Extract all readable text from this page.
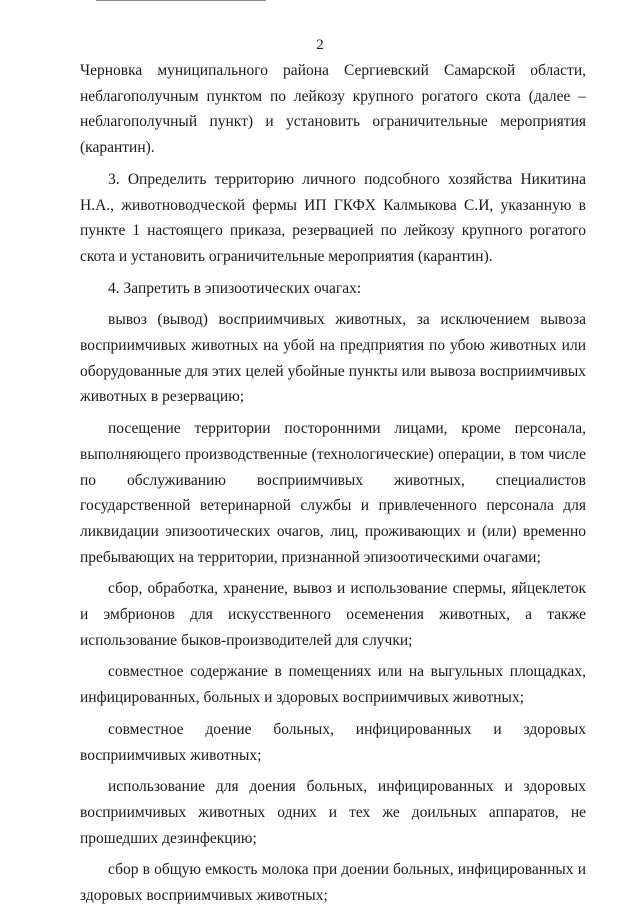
2

Черновка муниципального района Сергиевский Самарской области, неблагополучным пунктом по лейкозу крупного рогатого скота (далее – неблагополучный пункт) и установить ограничительные мероприятия (карантин).

3. Определить территорию личного подсобного хозяйства Никитина Н.А., животноводческой фермы ИП ГКФХ Калмыкова С.И, указанную в пункте 1 настоящего приказа, резервацией по лейкозу крупного рогатого скота и установить ограничительные мероприятия (карантин).

4. Запретить в эпизоотических очагах:

вывоз (вывод) восприимчивых животных, за исключением вывоза восприимчивых животных на убой на предприятия по убою животных или оборудованные для этих целей убойные пункты или вывоза восприимчивых животных в резервацию;

посещение территории посторонними лицами, кроме персонала, выполняющего производственные (технологические) операции, в том числе по обслуживанию восприимчивых животных, специалистов государственной ветеринарной службы и привлеченного персонала для ликвидации эпизоотических очагов, лиц, проживающих и (или) временно пребывающих на территории, признанной эпизоотическими очагами;

сбор, обработка, хранение, вывоз и использование спермы, яйцеклеток и эмбрионов для искусственного осеменения животных, а также использование быков-производителей для случки;

совместное содержание в помещениях или на выгульных площадках, инфицированных, больных и здоровых восприимчивых животных;

совместное доение больных, инфицированных и здоровых восприимчивых животных;

использование для доения больных, инфицированных и здоровых восприимчивых животных одних и тех же доильных аппаратов, не прошедших дезинфекцию;

сбор в общую емкость молока при доении больных, инфицированных и здоровых восприимчивых животных;
